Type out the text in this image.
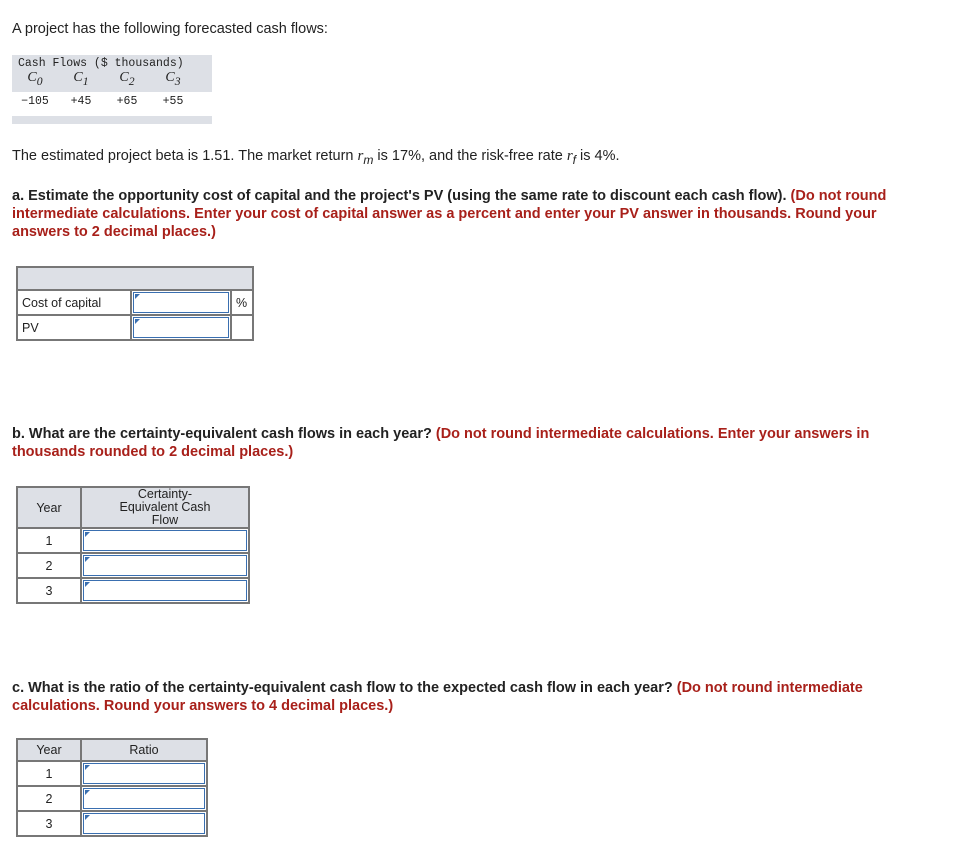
A project has the following forecasted cash flows:
Cash Flows ($ thousands)
$C_0$	$C_1$	$C_2$	$C_3$
−105	+45	+65	+55
The estimated project beta is 1.51. The market return $r_m$ is 17%, and the risk-free rate $r_f$ is 4%.
a. Estimate the opportunity cost of capital and the project's PV (using the same rate to discount each cash flow). (Do not round intermediate calculations. Enter your cost of capital answer as a percent and enter your PV answer in thousands. Round your answers to 2 decimal places.)

Cost of capital		%
PV	

b. What are the certainty-equivalent cash flows in each year? (Do not round intermediate calculations. Enter your answers in thousands rounded to 2 decimal places.)
Year	Certainty-Equivalent Cash Flow
1	

2	

3	
c. What is the ratio of the certainty-equivalent cash flow to the expected cash flow in each year? (Do not round intermediate calculations. Round your answers to 4 decimal places.)
Year	Ratio
1	

2	

3	
